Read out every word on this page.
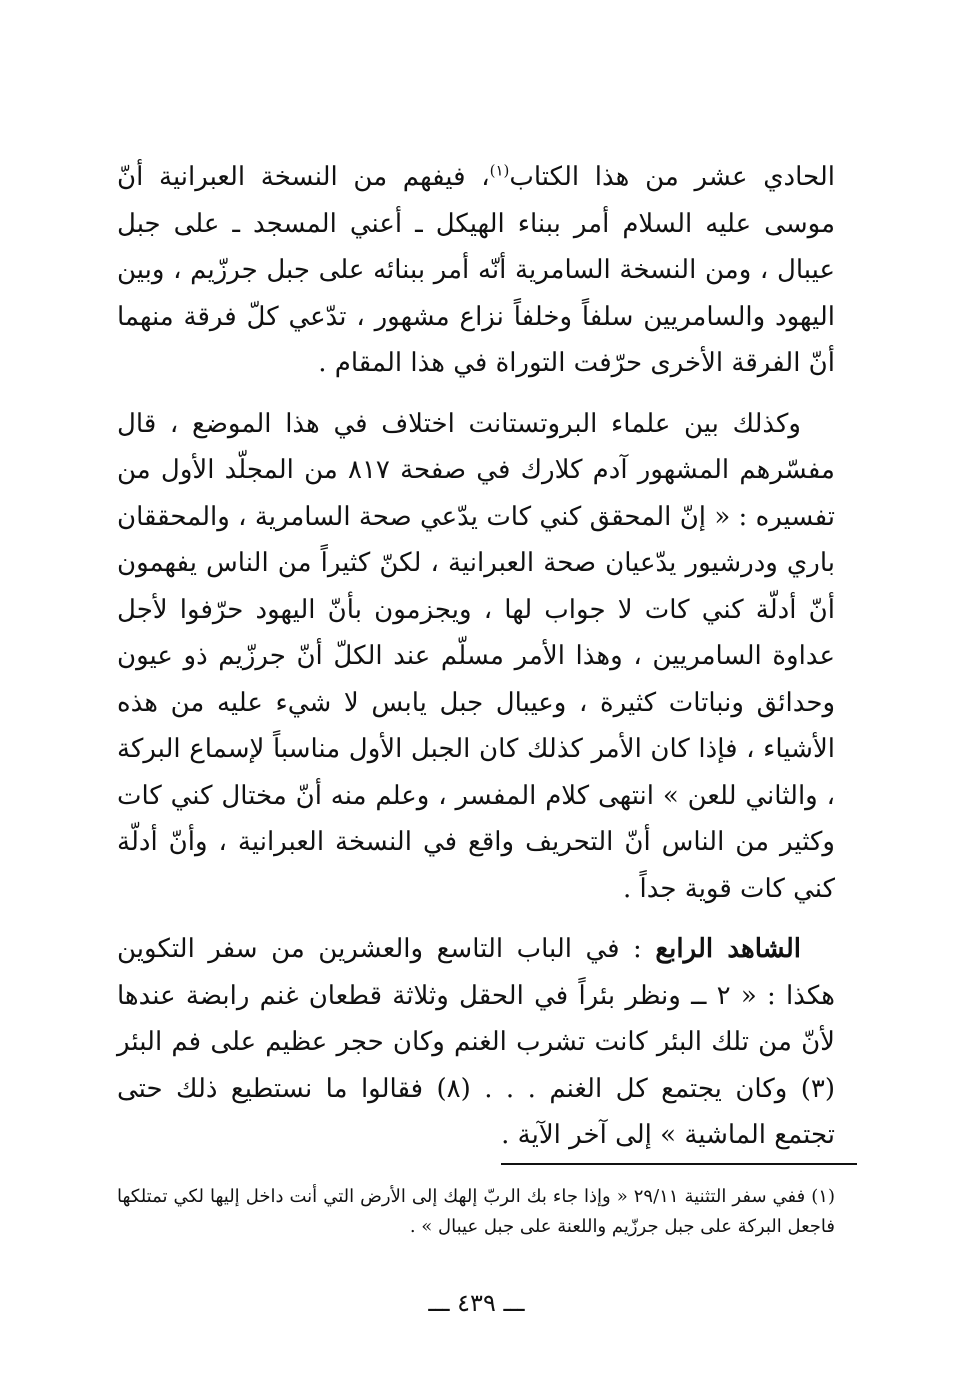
الحادي عشر من هذا الكتاب$^{(١)}$، فيفهم من النسخة العبرانية أنّ موسى عليه السلام أمر ببناء الهيكل ـ أعني المسجد ـ على جبل عيبال ، ومن النسخة السامرية أنّه أمر ببنائه على جبل جرزّيم ، وبين اليهود والسامريين سلفاً وخلفاً نزاع مشهور ، تدّعي كلّ فرقة منهما أنّ الفرقة الأخرى حرّفت التوراة في هذا المقام .

وكذلك بين علماء البروتستانت اختلاف في هذا الموضع ، قال مفسّرهم المشهور آدم كلارك في صفحة ٨١٧ من المجلّد الأول من تفسيره : « إنّ المحقق كني كات يدّعي صحة السامرية ، والمحققان باري ودرشيور يدّعيان صحة العبرانية ، لكنّ كثيراً من الناس يفهمون أنّ أدلّة كني كات لا جواب لها ، ويجزمون بأنّ اليهود حرّفوا لأجل عداوة السامريين ، وهذا الأمر مسلّم عند الكلّ أنّ جرزّيم ذو عيون وحدائق ونباتات كثيرة ، وعيبال جبل يابس لا شيء عليه من هذه الأشياء ، فإذا كان الأمر كذلك كان الجبل الأول مناسباً لإسماع البركة ، والثاني للعن » انتهى كلام المفسر ، وعلم منه أنّ مختال كني كات وكثير من الناس أنّ التحريف واقع في النسخة العبرانية ، وأنّ أدلّة كني كات قوية جداً .

الشاهد الرابع : في الباب التاسع والعشرين من سفر التكوين هكذا : « ٢ ــ ونظر بئراً في الحقل وثلاثة قطعان غنم رابضة عندها لأنّ من تلك البئر كانت تشرب الغنم وكان حجر عظيم على فم البئر (٣) وكان يجتمع كل الغنم . . . (٨) فقالوا ما نستطيع ذلك حتى تجتمع الماشية » إلى آخر الآية .

(١) ففي سفر التثنية ٢٩/١١ « وإذا جاء بك الربّ إلهك إلى الأرض التي أنت داخل إليها لكي تمتلكها فاجعل البركة على جبل جرزّيم واللعنة على جبل عيبال » .

ـــ ٤٣٩ ـــ
